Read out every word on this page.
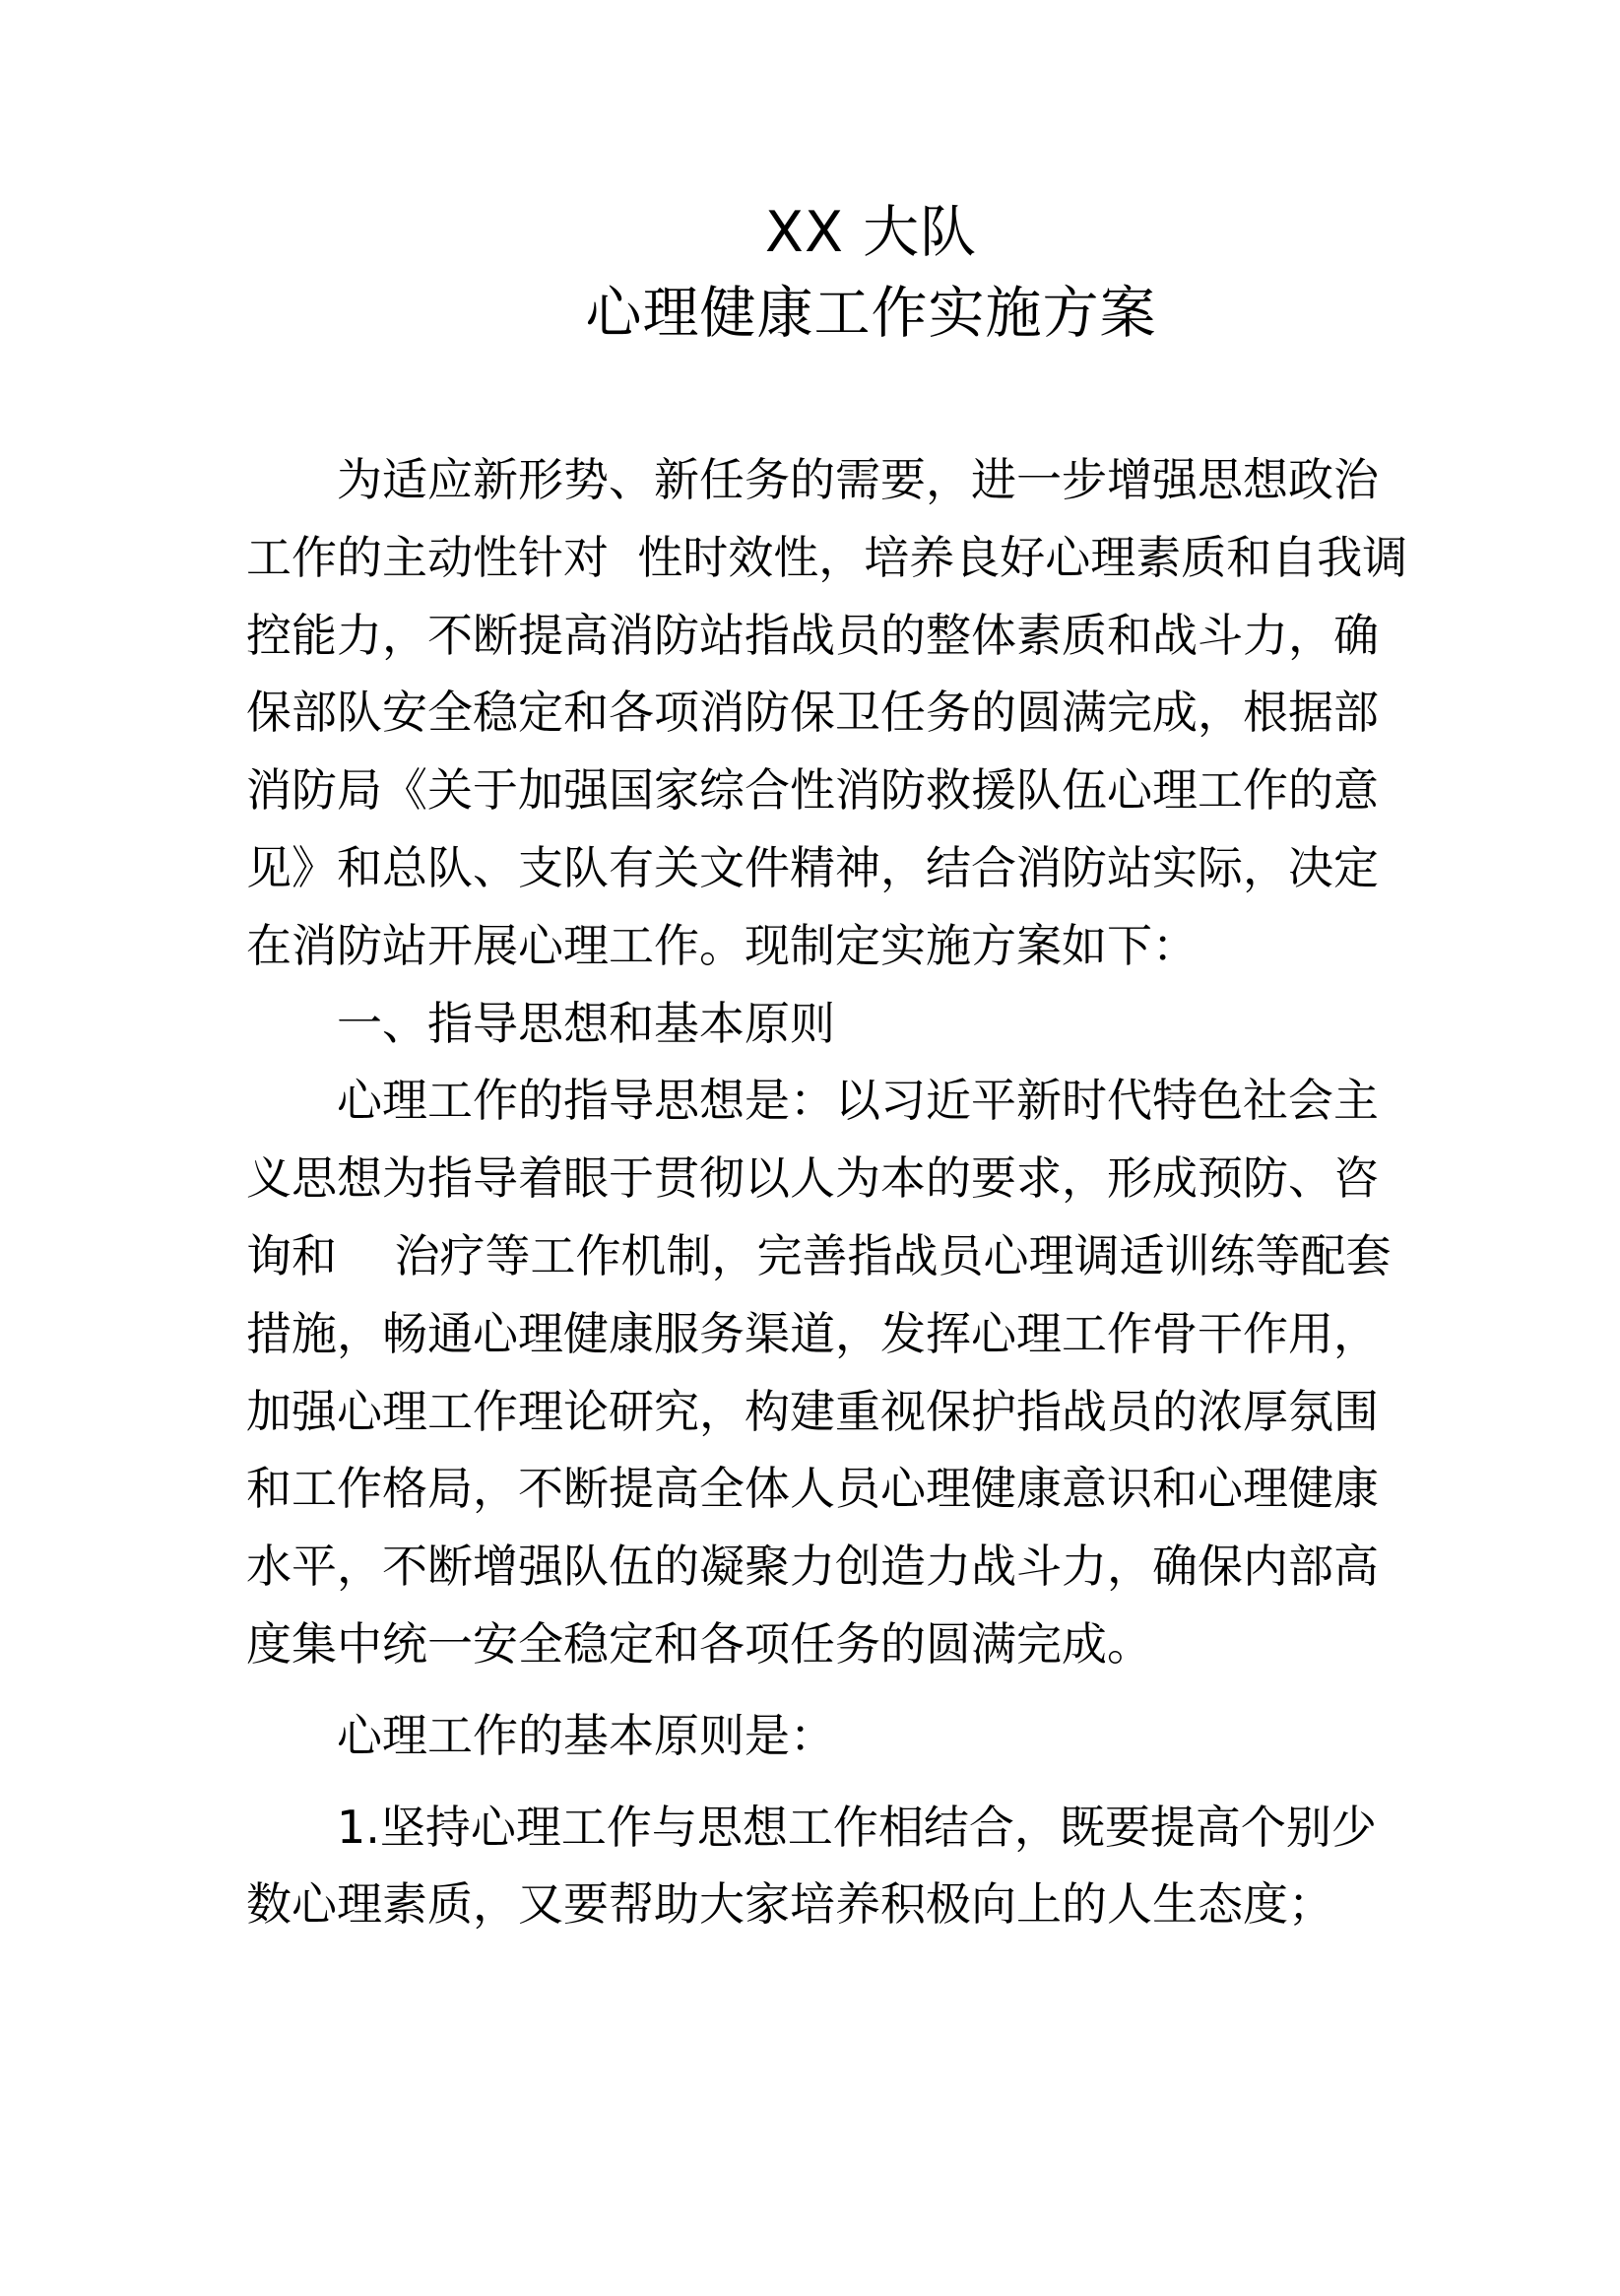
XX 大队
心理健康工作实施方案
为适应新形势、新任务的需要，进一步增强思想政治
工作的主动性针对  性时效性，培养良好心理素质和自我调
控能力，不断提高消防站指战员的整体素质和战斗力，确
保部队安全稳定和各项消防保卫任务的圆满完成，根据部
消防局《关于加强国家综合性消防救援队伍心理工作的意
见》和总队、支队有关文件精神，结合消防站实际，决定
在消防站开展心理工作。现制定实施方案如下：
一、指导思想和基本原则
心理工作的指导思想是：以习近平新时代特色社会主
义思想为指导着眼于贯彻以人为本的要求，形成预防、咨
询和    治疗等工作机制，完善指战员心理调适训练等配套
措施，畅通心理健康服务渠道，发挥心理工作骨干作用，
加强心理工作理论研究，构建重视保护指战员的浓厚氛围
和工作格局，不断提高全体人员心理健康意识和心理健康
水平，不断增强队伍的凝聚力创造力战斗力，确保内部高
度集中统一安全稳定和各项任务的圆满完成。
心理工作的基本原则是：
1.坚持心理工作与思想工作相结合，既要提高个别少
数心理素质，又要帮助大家培养积极向上的人生态度；
